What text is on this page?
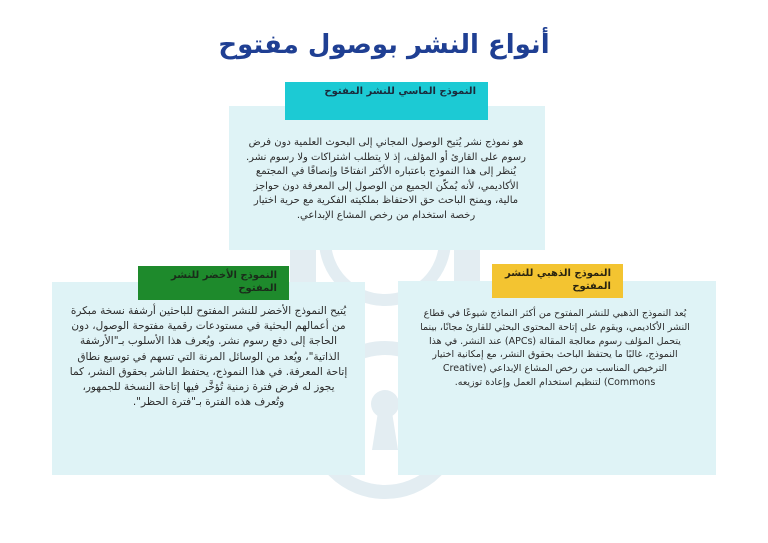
أنواع النشر بوصول مفتوح
هو نموذج نشر يُتيح الوصول المجاني إلى البحوث العلمية دون فرض رسوم على القارئ أو المؤلف، إذ لا يتطلب اشتراكات ولا رسوم نشر. يُنظر إلى هذا النموذج باعتباره الأكثر انفتاحًا وإنصافًا في المجتمع الأكاديمي، لأنه يُمكّن الجميع من الوصول إلى المعرفة دون حواجز مالية، ويمنح الباحث حق الاحتفاظ بملكيته الفكرية مع حرية اختيار رخصة استخدام من رخص المشاع الإبداعي.
النموذج الماسي للنشر المفتوح
يُتيح النموذج الأخضر للنشر المفتوح للباحثين أرشفة نسخة مبكرة من أعمالهم البحثية في مستودعات رقمية مفتوحة الوصول، دون الحاجة إلى دفع رسوم نشر. ويُعرف هذا الأسلوب بـ"الأرشفة الذاتية"، ويُعد من الوسائل المرنة التي تسهم في توسيع نطاق إتاحة المعرفة. في هذا النموذج، يحتفظ الناشر بحقوق النشر، كما يجوز له فرض فترة زمنية تُؤخَّر فيها إتاحة النسخة للجمهور، وتُعرف هذه الفترة بـ"فترة الحظر".
النموذج الأخضر للنشر المفتوح
يُعد النموذج الذهبي للنشر المفتوح من أكثر النماذج شيوعًا في قطاع النشر الأكاديمي، ويقوم على إتاحة المحتوى البحثي للقارئ مجانًا، بينما يتحمل المؤلف رسوم معالجة المقالة (APCs) عند النشر. في هذا النموذج، غالبًا ما يحتفظ الباحث بحقوق النشر، مع إمكانية اختيار الترخيص المناسب من رخص المشاع الإبداعي (Creative Commons) لتنظيم استخدام العمل وإعادة توزيعه.
النموذج الذهبي للنشر المفتوح
